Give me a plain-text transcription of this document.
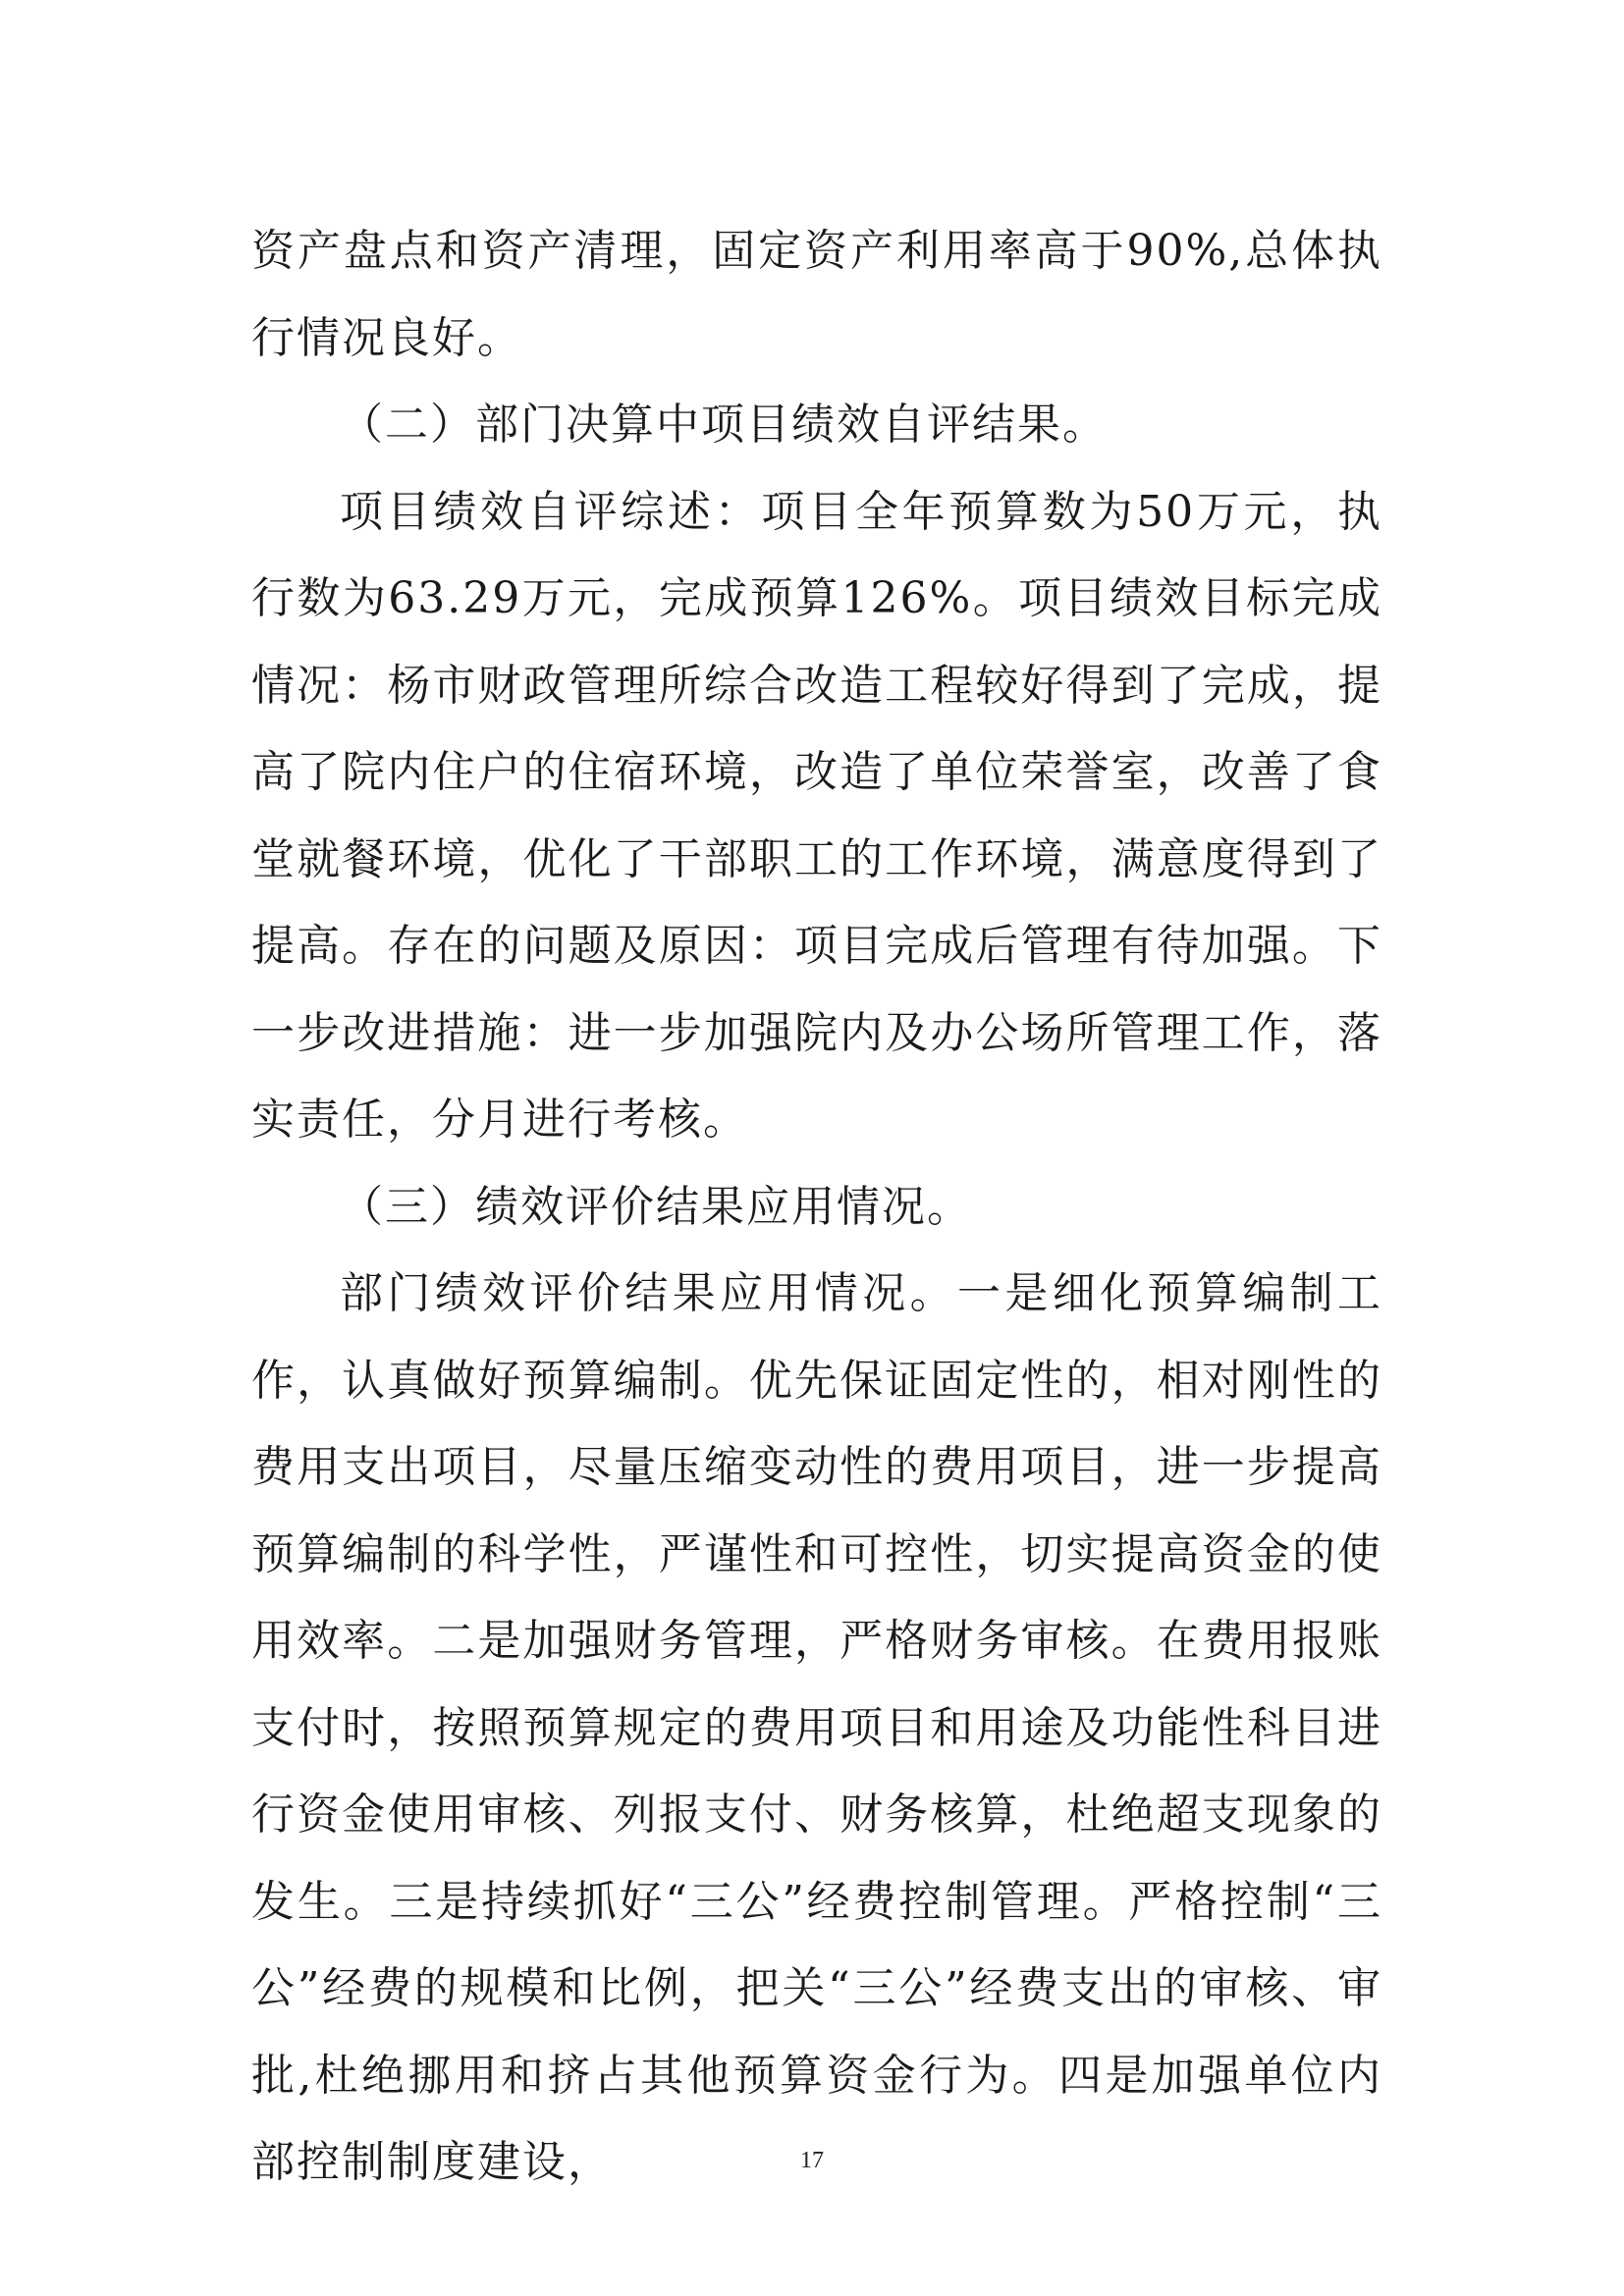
资产盘点和资产清理，固定资产利用率高于90%,总体执行情况良好。

（二）部门决算中项目绩效自评结果。

项目绩效自评综述：项目全年预算数为50万元，执行数为63.29万元，完成预算126%。项目绩效目标完成情况：杨市财政管理所综合改造工程较好得到了完成，提高了院内住户的住宿环境，改造了单位荣誉室，改善了食堂就餐环境，优化了干部职工的工作环境，满意度得到了提高。存在的问题及原因：项目完成后管理有待加强。下一步改进措施：进一步加强院内及办公场所管理工作，落实责任，分月进行考核。

（三）绩效评价结果应用情况。

部门绩效评价结果应用情况。一是细化预算编制工作，认真做好预算编制。优先保证固定性的，相对刚性的费用支出项目，尽量压缩变动性的费用项目，进一步提高预算编制的科学性，严谨性和可控性，切实提高资金的使用效率。二是加强财务管理，严格财务审核。在费用报账支付时，按照预算规定的费用项目和用途及功能性科目进行资金使用审核、列报支付、财务核算，杜绝超支现象的发生。三是持续抓好“三公”经费控制管理。严格控制“三公”经费的规模和比例，把关“三公”经费支出的审核、审批,杜绝挪用和挤占其他预算资金行为。四是加强单位内部控制制度建设，	17
